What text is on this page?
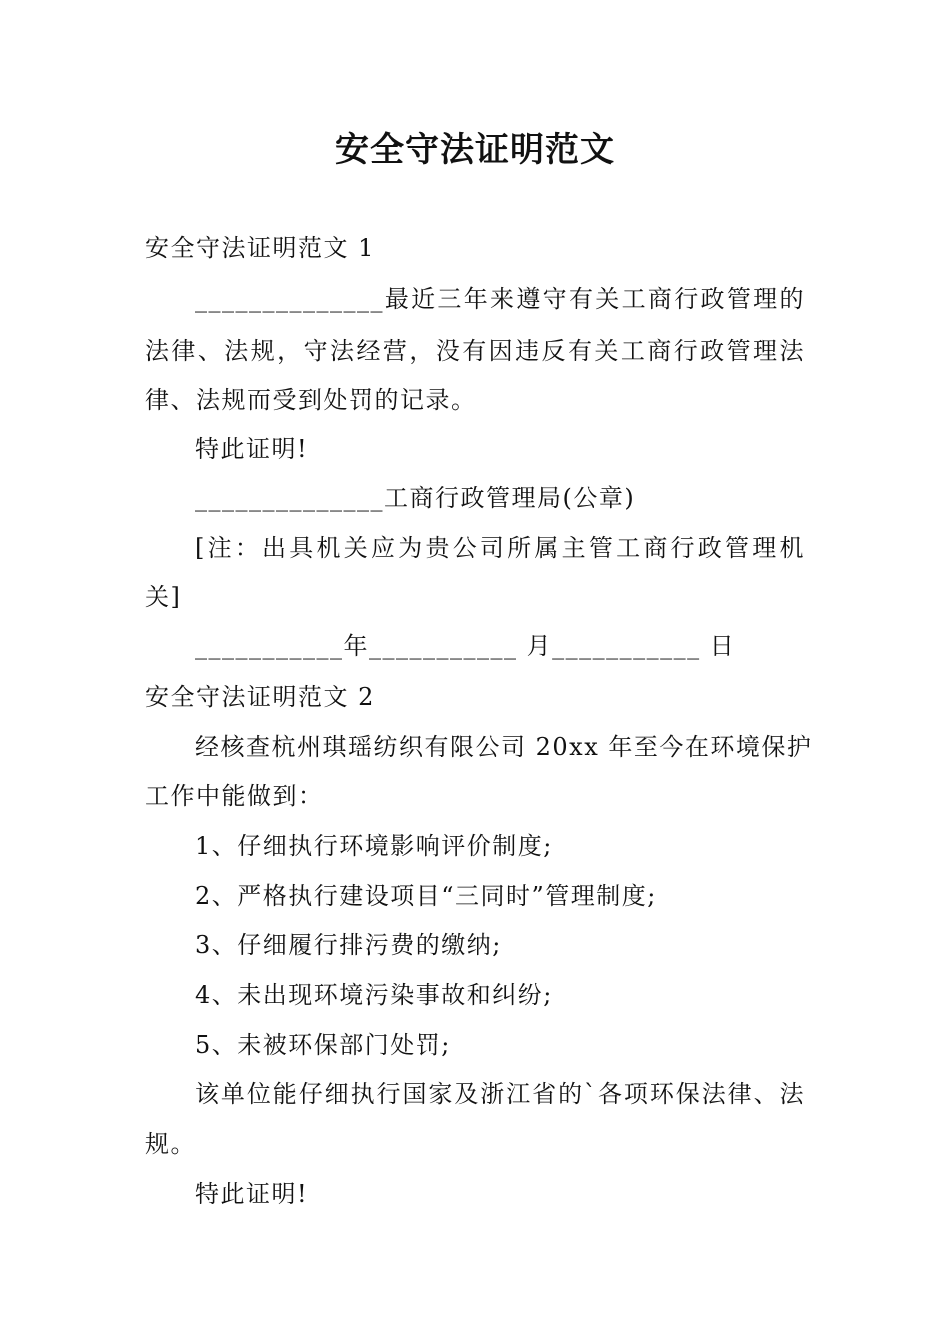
安全守法证明范文
安全守法证明范文 1
______________最近三年来遵守有关工商行政管理的
法律、法规，守法经营，没有因违反有关工商行政管理法
律、法规而受到处罚的记录。
特此证明!
______________工商行政管理局(公章)
[注：出具机关应为贵公司所属主管工商行政管理机
关]
___________年___________ 月___________ 日
安全守法证明范文 2
经核查杭州琪瑶纺织有限公司 20xx 年至今在环境保护
工作中能做到：
1、仔细执行环境影响评价制度;
2、严格执行建设项目“三同时”管理制度;
3、仔细履行排污费的缴纳;
4、未出现环境污染事故和纠纷;
5、未被环保部门处罚;
该单位能仔细执行国家及浙江省的`各项环保法律、法
规。
特此证明!
